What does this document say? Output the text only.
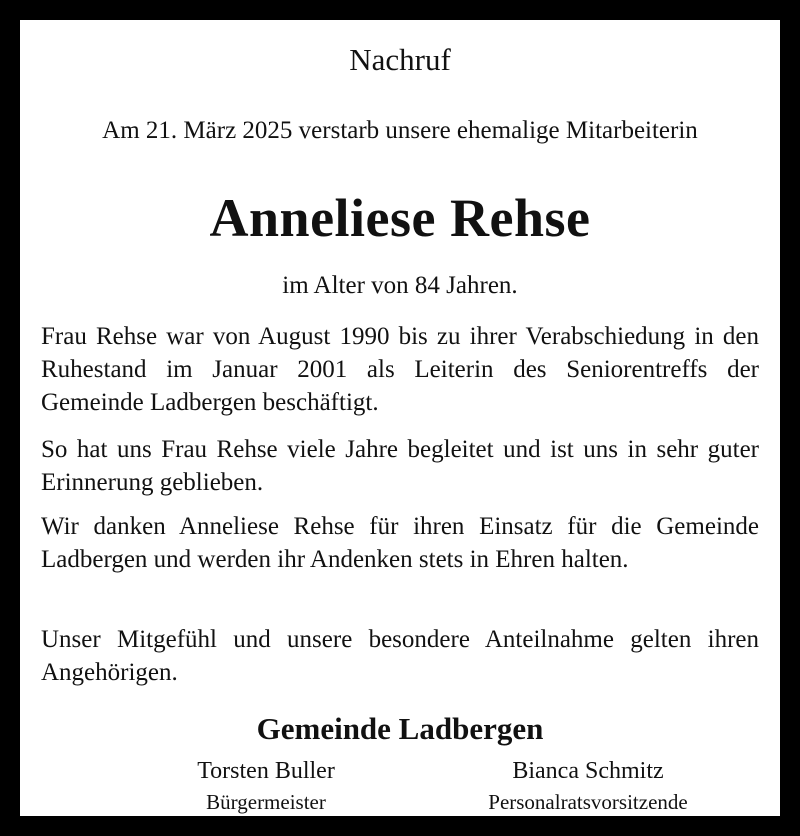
Nachruf
Am 21. März 2025 verstarb unsere ehemalige Mitarbeiterin
Anneliese Rehse
im Alter von 84 Jahren.

Frau Rehse war von August 1990 bis zu ihrer Verabschiedung in den Ruhestand im Januar 2001 als Leiterin des Seniorentreffs der Gemeinde Ladbergen beschäftigt.

So hat uns Frau Rehse viele Jahre begleitet und ist uns in sehr guter Erinnerung geblieben.

Wir danken Anneliese Rehse für ihren Einsatz für die Gemeinde Ladbergen und werden ihr Andenken stets in Ehren halten.

Unser Mitgefühl und unsere besondere Anteilnahme gelten ihren Angehörigen.

Gemeinde Ladbergen
Torsten Buller
Bürgermeister
Bianca Schmitz
Personalratsvorsitzende
